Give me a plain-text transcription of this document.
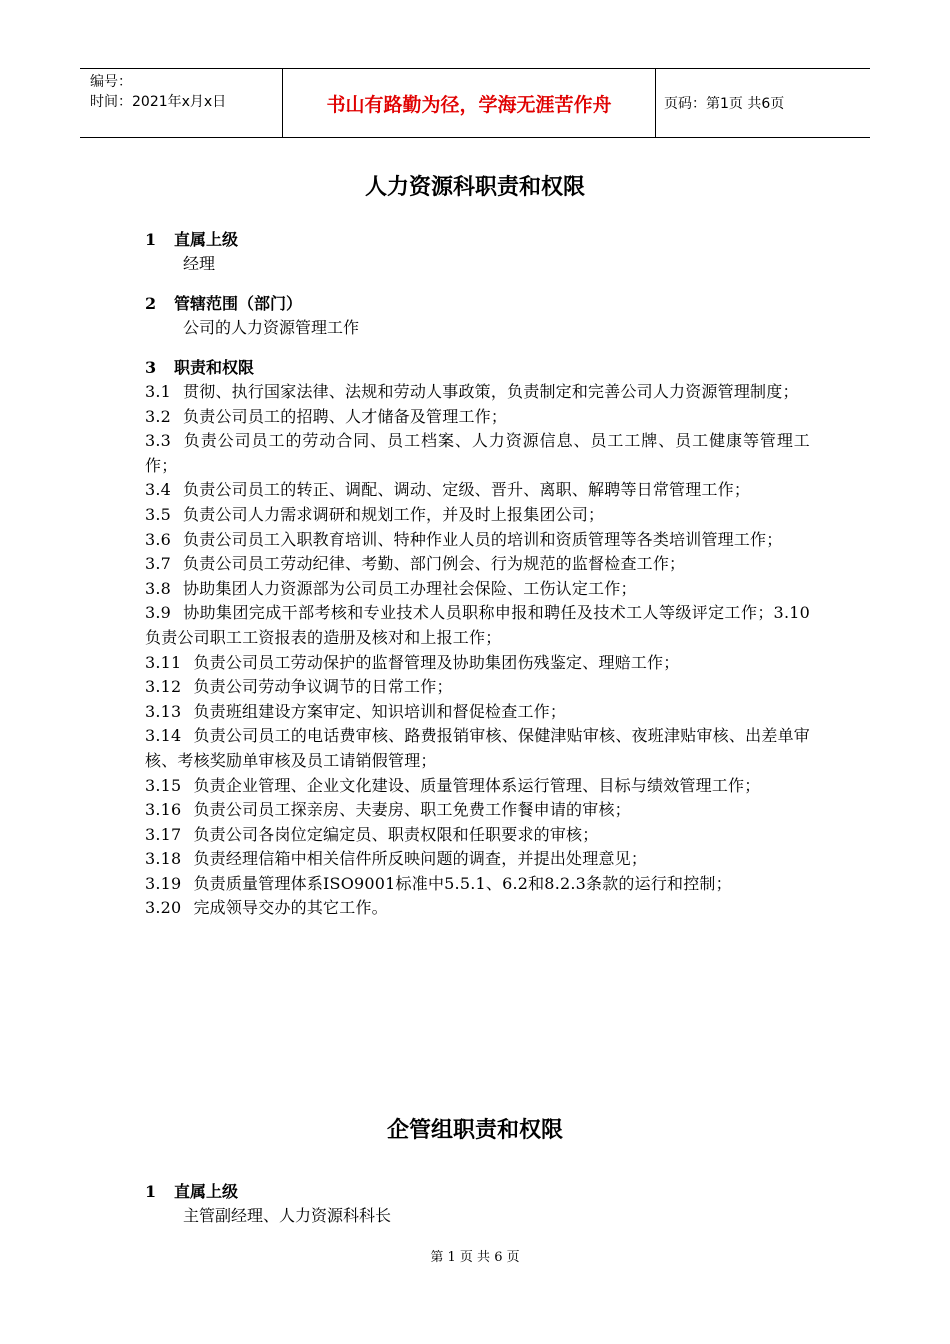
编号：
时间：2021年x月x日	书山有路勤为径，学海无涯苦作舟	页码：第1页 共6页
人力资源科职责和权限

1 直属上级

经理

2 管辖范围（部门）

公司的人力资源管理工作

3 职责和权限

3.1 贯彻、执行国家法律、法规和劳动人事政策，负责制定和完善公司人力资源管理制度；

3.2 负责公司员工的招聘、人才储备及管理工作；

3.3 负责公司员工的劳动合同、员工档案、人力资源信息、员工工牌、员工健康等管理工作；

3.4 负责公司员工的转正、调配、调动、定级、晋升、离职、解聘等日常管理工作；

3.5 负责公司人力需求调研和规划工作，并及时上报集团公司；

3.6 负责公司员工入职教育培训、特种作业人员的培训和资质管理等各类培训管理工作；

3.7 负责公司员工劳动纪律、考勤、部门例会、行为规范的监督检查工作；

3.8 协助集团人力资源部为公司员工办理社会保险、工伤认定工作；

3.9 协助集团完成干部考核和专业技术人员职称申报和聘任及技术工人等级评定工作；3.10　负责公司职工工资报表的造册及核对和上报工作；

3.11 负责公司员工劳动保护的监督管理及协助集团伤残鉴定、理赔工作；

3.12 负责公司劳动争议调节的日常工作；

3.13 负责班组建设方案审定、知识培训和督促检查工作；

3.14 负责公司员工的电话费审核、路费报销审核、保健津贴审核、夜班津贴审核、出差单审核、考核奖励单审核及员工请销假管理；

3.15 负责企业管理、企业文化建设、质量管理体系运行管理、目标与绩效管理工作；

3.16 负责公司员工探亲房、夫妻房、职工免费工作餐申请的审核；

3.17 负责公司各岗位定编定员、职责权限和任职要求的审核；

3.18 负责经理信箱中相关信件所反映问题的调查，并提出处理意见；

3.19 负责质量管理体系ISO9001标准中5.5.1、6.2和8.2.3条款的运行和控制；

3.20 完成领导交办的其它工作。

企管组职责和权限

1 直属上级

主管副经理、人力资源科科长

第 1 页 共 6 页
